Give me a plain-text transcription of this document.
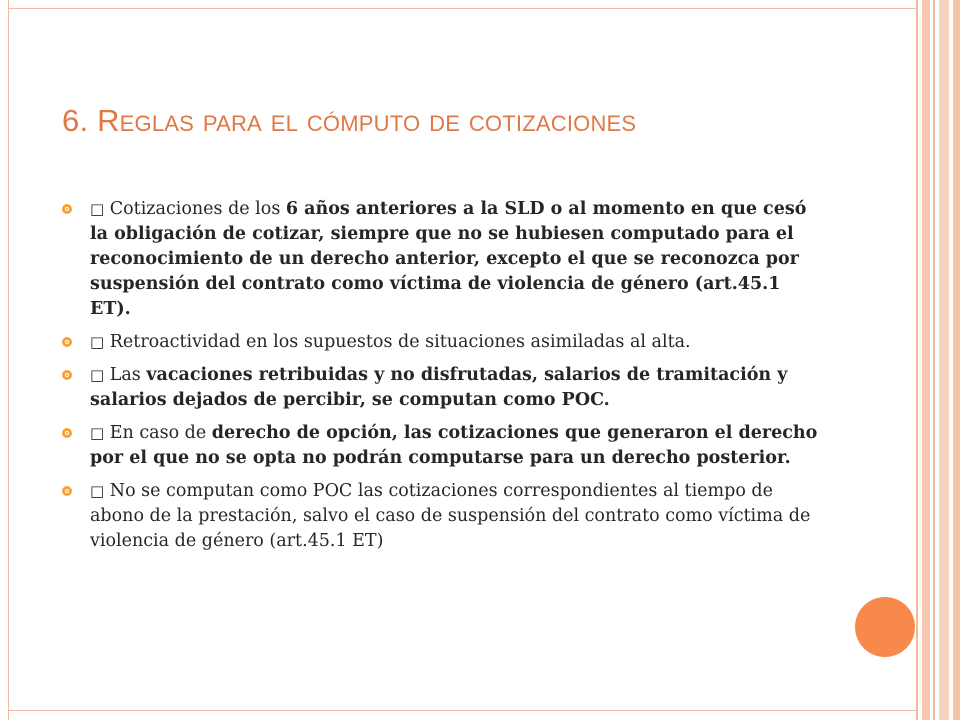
6. Reglas para el cómputo de cotizaciones
□ Cotizaciones de los 6 años anteriores a la SLD o al momento en que cesó la obligación de cotizar, siempre que no se hubiesen computado para el reconocimiento de un derecho anterior, excepto el que se reconozca por suspensión del contrato como víctima de violencia de género (art.45.1 ET).
□ Retroactividad en los supuestos de situaciones asimiladas al alta.
□ Las vacaciones retribuidas y no disfrutadas, salarios de tramitación y salarios dejados de percibir, se computan como POC.
□ En caso de derecho de opción, las cotizaciones que generaron el derecho por el que no se opta no podrán computarse para un derecho posterior.
□ No se computan como POC las cotizaciones correspondientes al tiempo de abono de la prestación, salvo el caso de suspensión del contrato como víctima de violencia de género (art.45.1 ET)
